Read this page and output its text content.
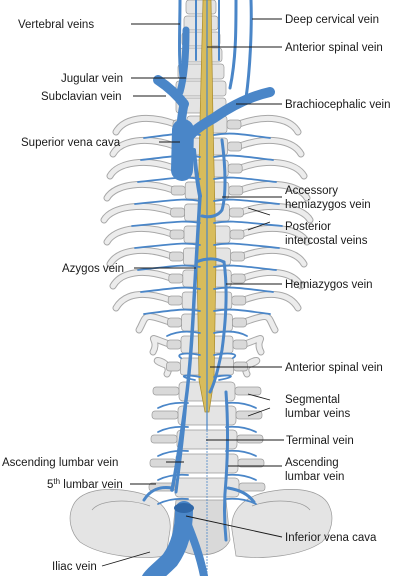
Vertebral veins	Deep cervical vein
Anterior spinal vein
Jugular vein
Subclavian vein
Brachiocephalic vein
Superior vena cava
Accessory
hemiazygos vein
Posterior
intercostal veins
Azygos vein
Hemiazygos vein
Anterior spinal vein
Segmental
lumbar veins
Terminal vein
Ascending lumbar vein	Ascending
lumbar vein
5th lumbar vein
Iliac vein
Inferior vena cava
